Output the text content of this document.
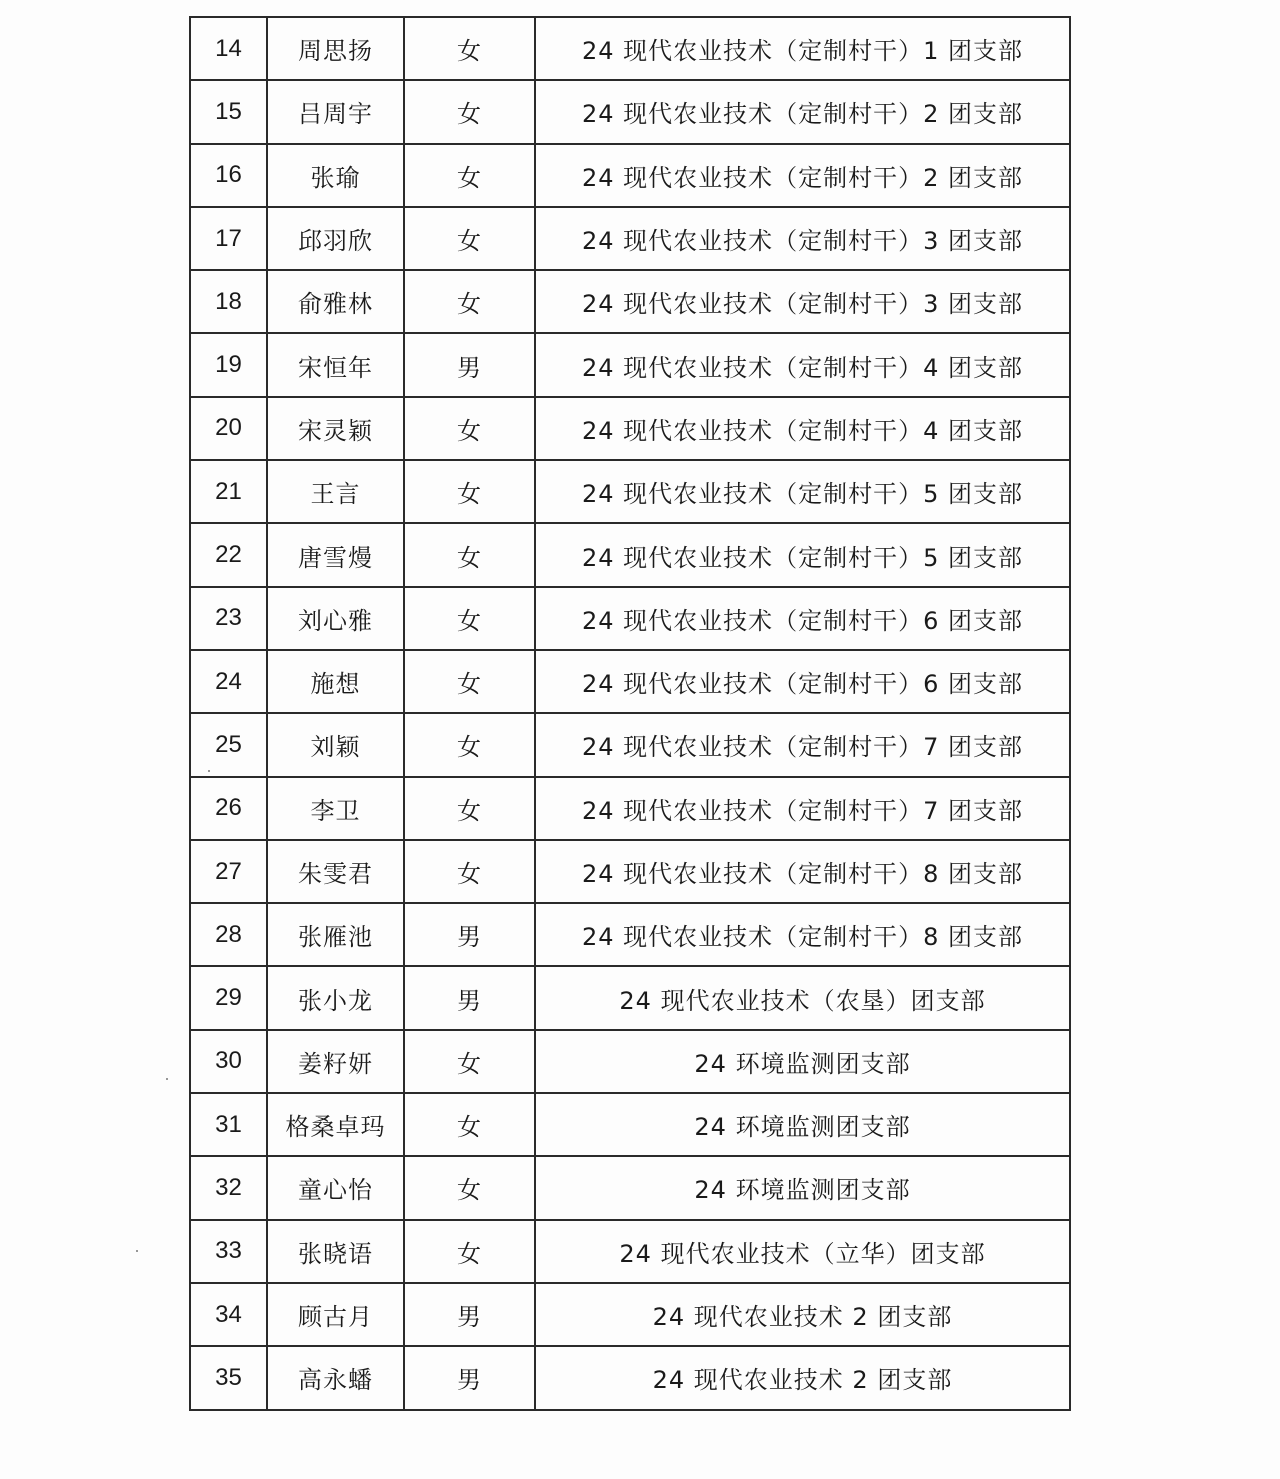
14	周思扬	女	24 现代农业技术（定制村干）1 团支部
15	吕周宇	女	24 现代农业技术（定制村干）2 团支部
16	张瑜	女	24 现代农业技术（定制村干）2 团支部
17	邱羽欣	女	24 现代农业技术（定制村干）3 团支部
18	俞雅林	女	24 现代农业技术（定制村干）3 团支部
19	宋恒年	男	24 现代农业技术（定制村干）4 团支部
20	宋灵颖	女	24 现代农业技术（定制村干）4 团支部
21	王言	女	24 现代农业技术（定制村干）5 团支部
22	唐雪熳	女	24 现代农业技术（定制村干）5 团支部
23	刘心雅	女	24 现代农业技术（定制村干）6 团支部
24	施想	女	24 现代农业技术（定制村干）6 团支部
25	刘颖	女	24 现代农业技术（定制村干）7 团支部
26	李卫	女	24 现代农业技术（定制村干）7 团支部
27	朱雯君	女	24 现代农业技术（定制村干）8 团支部
28	张雁池	男	24 现代农业技术（定制村干）8 团支部
29	张小龙	男	24 现代农业技术（农垦）团支部
30	姜籽妍	女	24 环境监测团支部
31	格桑卓玛	女	24 环境监测团支部
32	童心怡	女	24 环境监测团支部
33	张晓语	女	24 现代农业技术（立华）团支部
34	顾古月	男	24 现代农业技术 2 团支部
35	高永蟠	男	24 现代农业技术 2 团支部
